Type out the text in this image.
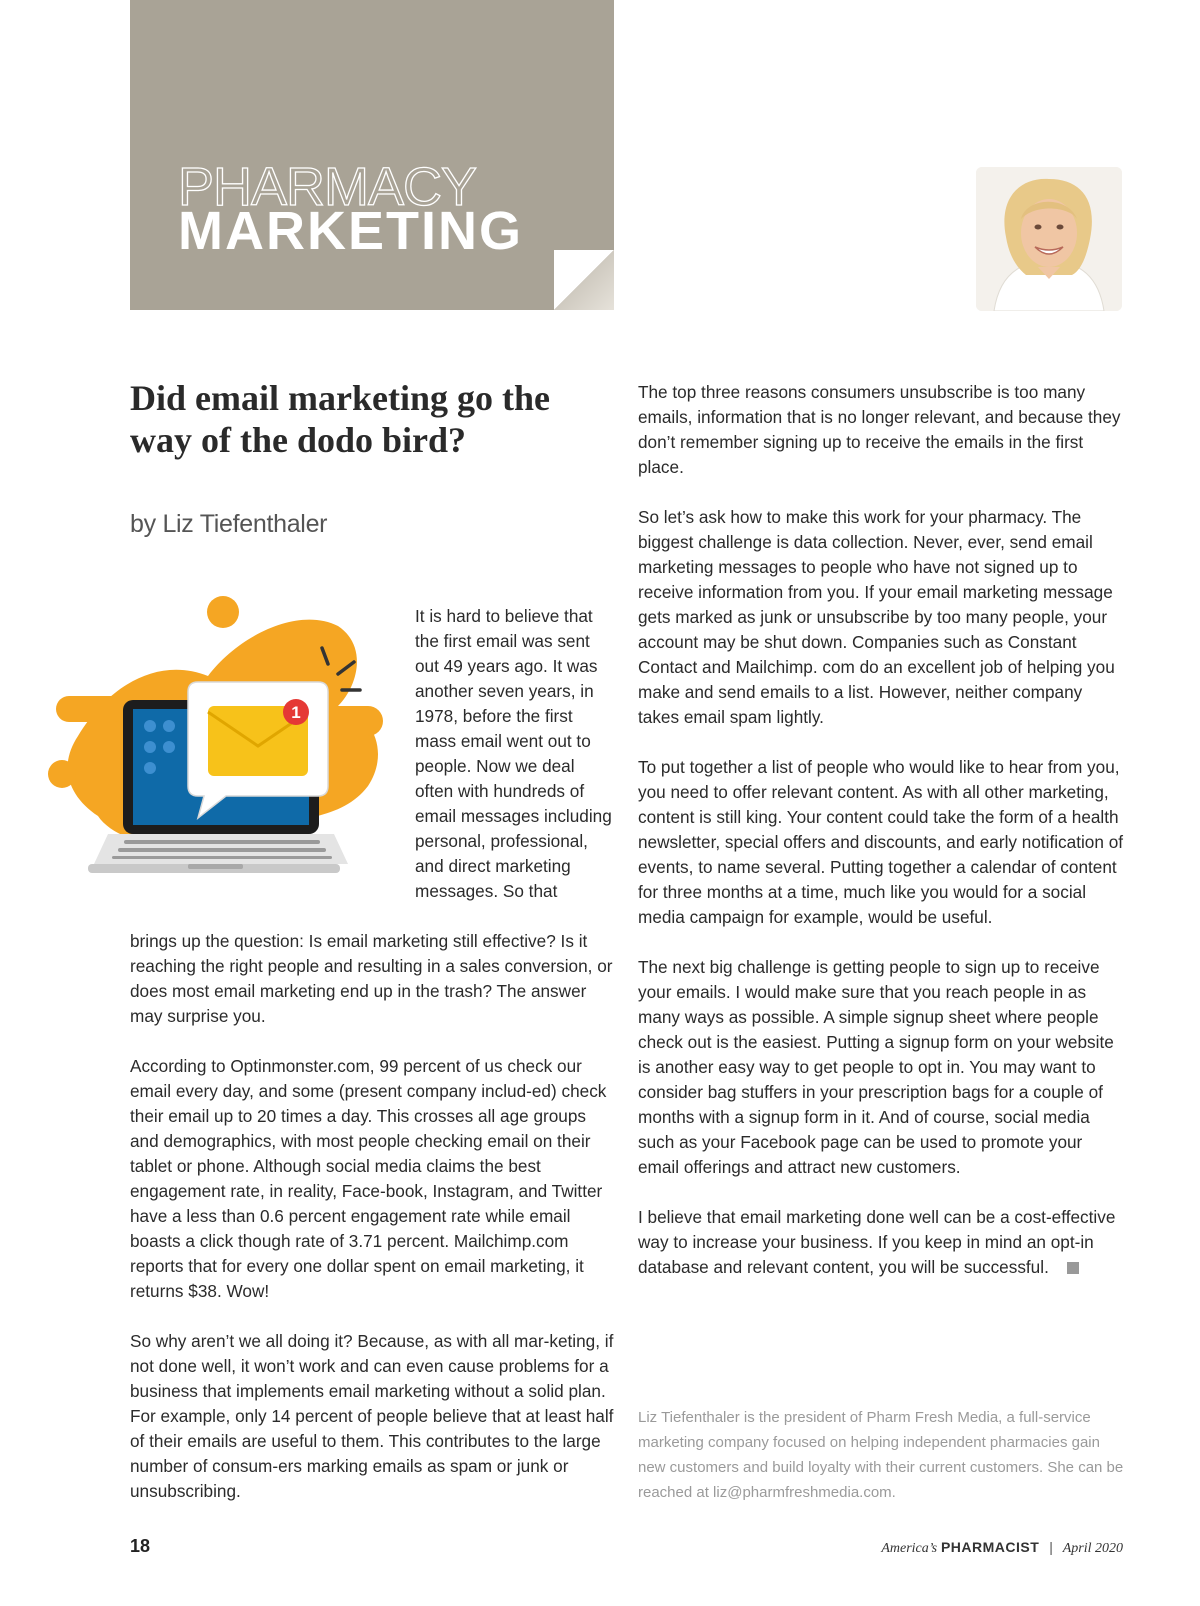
PHARMACY
MARKETING
Did email marketing go the way of the dodo bird?

by Liz Tiefenthaler

1

It is hard to believe that the first email was sent out 49 years ago. It was another seven years, in 1978, before the first mass email went out to people. Now we deal often with hundreds of email messages including personal, professional, and direct marketing messages. So that

brings up the question: Is email marketing still effective? Is it reaching the right people and resulting in a sales conversion, or does most email marketing end up in the trash? The answer may surprise you.

According to Optinmonster.com, 99 percent of us check our email every day, and some (present company includ-ed) check their email up to 20 times a day. This crosses all age groups and demographics, with most people checking email on their tablet or phone. Although social media claims the best engagement rate, in reality, Face-book, Instagram, and Twitter have a less than 0.6 percent engagement rate while email boasts a click though rate of 3.71 percent. Mailchimp.com reports that for every one dollar spent on email marketing, it returns $38. Wow!

So why aren’t we all doing it? Because, as with all mar-keting, if not done well, it won’t work and can even cause problems for a business that implements email marketing without a solid plan. For example, only 14 percent of people believe that at least half of their emails are useful to them. This contributes to the large number of consum-ers marking emails as spam or junk or unsubscribing.

The top three reasons consumers unsubscribe is too many emails, information that is no longer relevant, and because they don’t remember signing up to receive the emails in the first place.

So let’s ask how to make this work for your pharmacy. The biggest challenge is data collection. Never, ever, send email marketing messages to people who have not signed up to receive information from you. If your email marketing message gets marked as junk or unsubscribe by too many people, your account may be shut down. Companies such as Constant Contact and Mailchimp. com do an excellent job of helping you make and send emails to a list. However, neither company takes email spam lightly.

To put together a list of people who would like to hear from you, you need to offer relevant content. As with all other marketing, content is still king. Your content could take the form of a health newsletter, special offers and discounts, and early notification of events, to name several. Putting together a calendar of content for three months at a time, much like you would for a social media campaign for example, would be useful.

The next big challenge is getting people to sign up to receive your emails. I would make sure that you reach people in as many ways as possible. A simple signup sheet where people check out is the easiest. Putting a signup form on your website is another easy way to get people to opt in. You may want to consider bag stuffers in your prescription bags for a couple of months with a signup form in it. And of course, social media such as your Facebook page can be used to promote your email offerings and attract new customers.

I believe that email marketing done well can be a cost-effective way to increase your business. If you keep in mind an opt-in database and relevant content, you will be successful.

Liz Tiefenthaler is the president of Pharm Fresh Media, a full-service marketing company focused on helping independent pharmacies gain new customers and build loyalty with their current customers. She can be reached at liz@pharmfreshmedia.com.

18	America’s PHARMACIST | April 2020
